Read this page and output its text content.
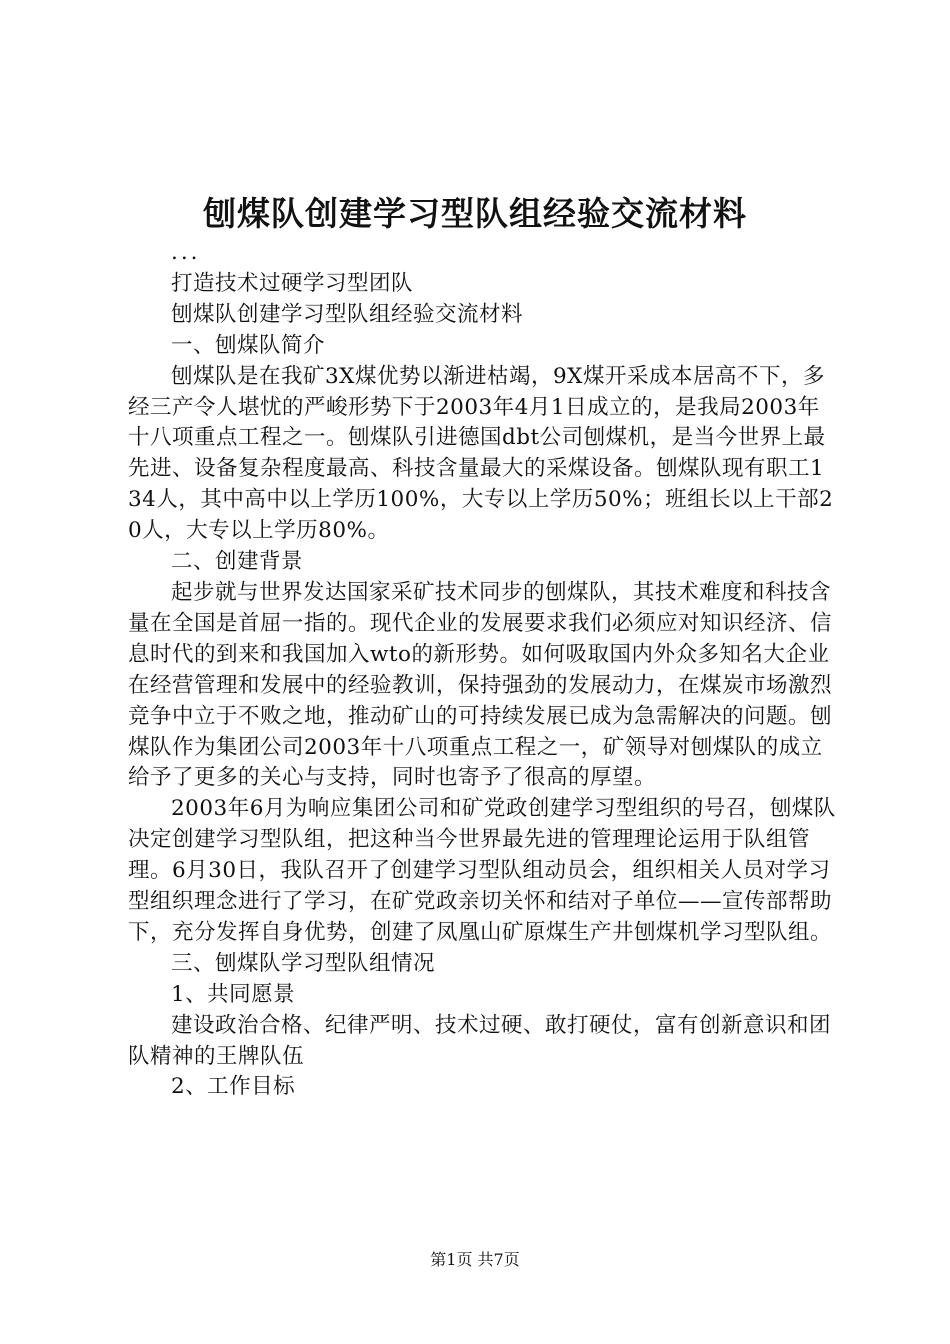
刨煤队创建学习型队组经验交流材料

...

打造技术过硬学习型团队

刨煤队创建学习型队组经验交流材料

一、刨煤队简介

刨煤队是在我矿3X煤优势以渐进枯竭，9X煤开采成本居高不下，多经三产令人堪忧的严峻形势下于2003年4月1日成立的，是我局2003年十八项重点工程之一。刨煤队引进德国dbt公司刨煤机，是当今世界上最先进、设备复杂程度最高、科技含量最大的采煤设备。刨煤队现有职工134人，其中高中以上学历100%，大专以上学历50%；班组长以上干部20人，大专以上学历80%。

二、创建背景

起步就与世界发达国家采矿技术同步的刨煤队，其技术难度和科技含量在全国是首屈一指的。现代企业的发展要求我们必须应对知识经济、信息时代的到来和我国加入wto的新形势。如何吸取国内外众多知名大企业在经营管理和发展中的经验教训，保持强劲的发展动力，在煤炭市场激烈竞争中立于不败之地，推动矿山的可持续发展已成为急需解决的问题。刨煤队作为集团公司2003年十八项重点工程之一，矿领导对刨煤队的成立给予了更多的关心与支持，同时也寄予了很高的厚望。

2003年6月为响应集团公司和矿党政创建学习型组织的号召，刨煤队决定创建学习型队组，把这种当今世界最先进的管理理论运用于队组管理。6月30日，我队召开了创建学习型队组动员会，组织相关人员对学习型组织理念进行了学习，在矿党政亲切关怀和结对子单位——宣传部帮助下，充分发挥自身优势，创建了凤凰山矿原煤生产井刨煤机学习型队组。

三、刨煤队学习型队组情况

1、共同愿景

建设政治合格、纪律严明、技术过硬、敢打硬仗，富有创新意识和团队精神的王牌队伍

2、工作目标

第1页 共7页
